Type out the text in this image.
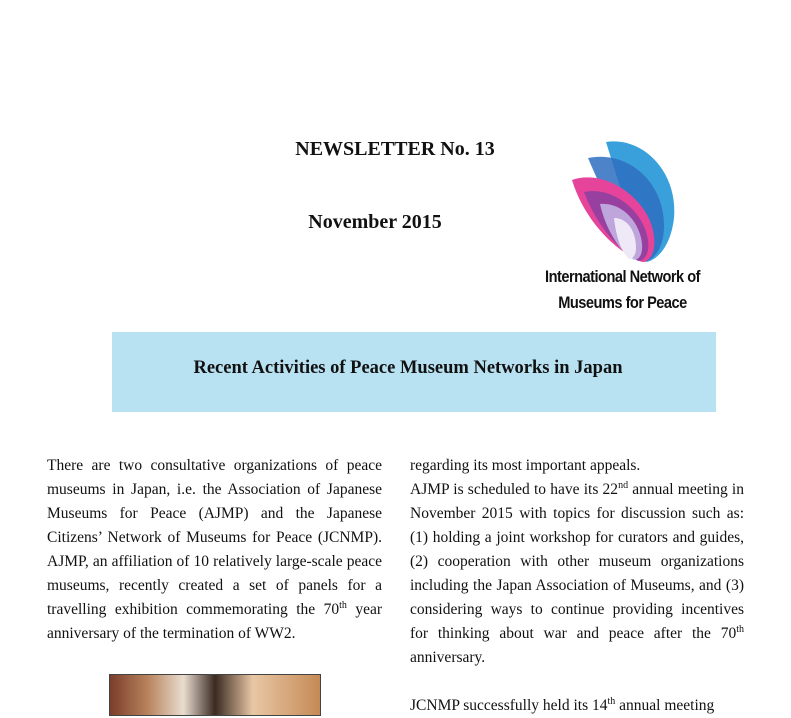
NEWSLETTER No. 13
November 2015
International Network of
Museums for Peace
Recent Activities of Peace Museum Networks in Japan

There are two consultative organizations of peace museums in Japan, i.e. the Association of Japanese Museums for Peace (AJMP) and the Japanese Citizens’ Network of Museums for Peace (JCNMP). AJMP, an affiliation of 10 relatively large-scale peace museums, recently created a set of panels for a travelling exhibition commemorating the 70th year anniversary of the termination of WW2.

regarding its most important appeals.

AJMP is scheduled to have its 22nd annual meeting in November 2015 with topics for discussion such as: (1) holding a joint workshop for curators and guides, (2) cooperation with other museum organizations including the Japan Association of Museums, and (3) considering ways to continue providing incentives for thinking about war and peace after the 70th anniversary.

JCNMP successfully held its 14th annual meeting
